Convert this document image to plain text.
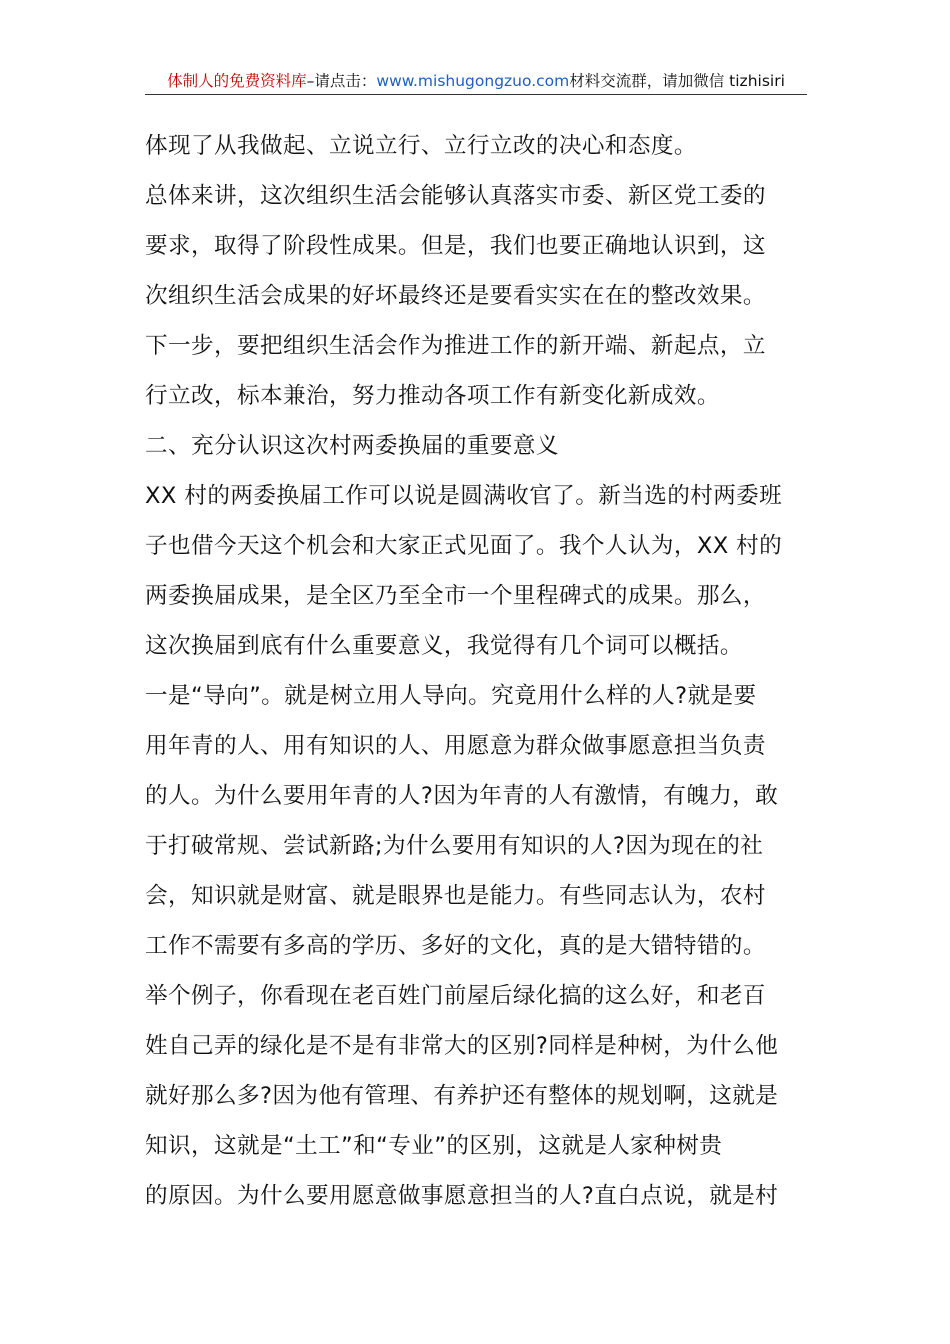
体制人的免费资料库–请点击：www.mishugongzuo.com材料交流群，请加微信 tizhisiri
体现了从我做起、立说立行、立行立改的决心和态度。
总体来讲，这次组织生活会能够认真落实市委、新区党工委的
要求，取得了阶段性成果。但是，我们也要正确地认识到，这
次组织生活会成果的好坏最终还是要看实实在在的整改效果。
下一步，要把组织生活会作为推进工作的新开端、新起点，立
行立改，标本兼治，努力推动各项工作有新变化新成效。
二、充分认识这次村两委换届的重要意义
XX 村的两委换届工作可以说是圆满收官了。新当选的村两委班
子也借今天这个机会和大家正式见面了。我个人认为，XX 村的
两委换届成果，是全区乃至全市一个里程碑式的成果。那么，
这次换届到底有什么重要意义，我觉得有几个词可以概括。
一是“导向”。就是树立用人导向。究竟用什么样的人?就是要
用年青的人、用有知识的人、用愿意为群众做事愿意担当负责
的人。为什么要用年青的人?因为年青的人有激情，有魄力，敢
于打破常规、尝试新路;为什么要用有知识的人?因为现在的社
会，知识就是财富、就是眼界也是能力。有些同志认为，农村
工作不需要有多高的学历、多好的文化，真的是大错特错的。
举个例子，你看现在老百姓门前屋后绿化搞的这么好，和老百
姓自己弄的绿化是不是有非常大的区别?同样是种树，为什么他
就好那么多?因为他有管理、有养护还有整体的规划啊，这就是
知识，这就是“土工”和“专业”的区别，这就是人家种树贵
的原因。为什么要用愿意做事愿意担当的人?直白点说，就是村
